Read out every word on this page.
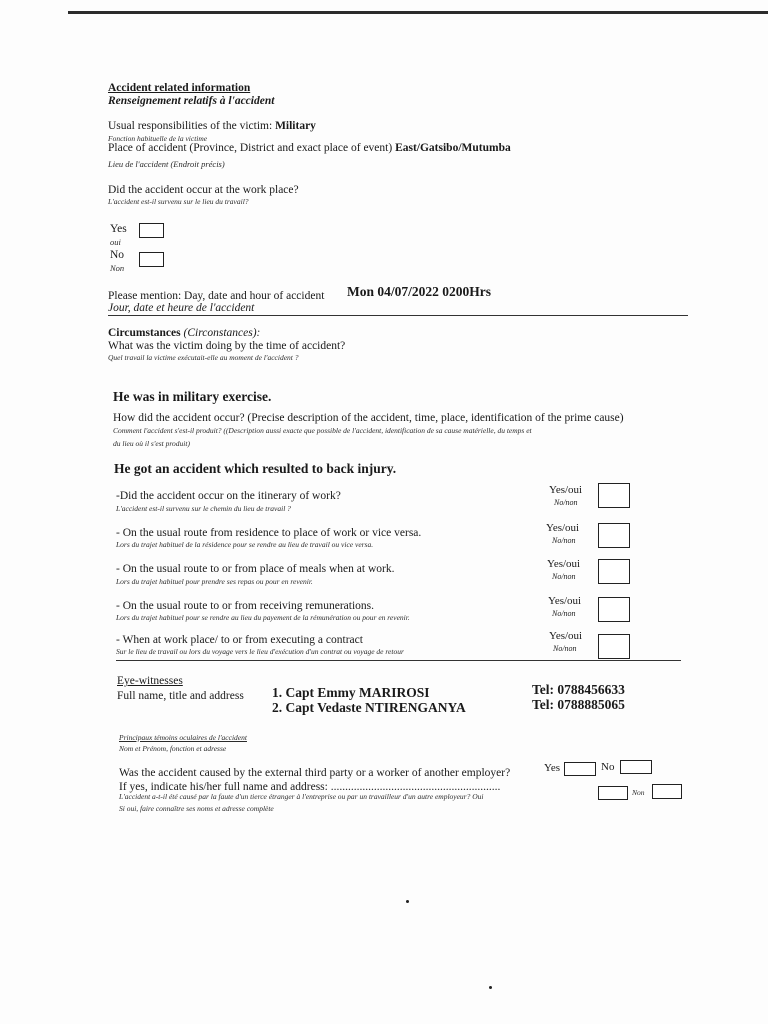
Accident related information
Renseignement relatifs à l'accident
Usual responsibilities of the victim: Military
Fonction habituelle de la victime
Place of accident (Province, District and exact place of event) East/Gatsibo/Mutumba
Lieu de l'accident (Endroit précis)
Did the accident occur at the work place?
L'accident est-il survenu sur le lieu du travail?
Yes
oui
No
Non
Please mention: Day, date and hour of accident Mon 04/07/2022 0200Hrs
Jour, date et heure de l'accident
Circumstances (Circonstances):
What was the victim doing by the time of accident?
Quel travail la victime exécutait-elle au moment de l'accident ?
He was in military exercise.
How did the accident occur? (Precise description of the accident, time, place, identification of the prime cause)
Comment l'accident s'est-il produit? ((Description aussi exacte que possible de l'accident, identification de sa cause matérielle, du temps et
du lieu où il s'est produit)
He got an accident which resulted to back injury.
-Did the accident occur on the itinerary of work?
L'accident est-il survenu sur le chemin du lieu de travail ?
Yes/oui
No/non
- On the usual route from residence to place of work or vice versa.
Lors du trajet habituel de la résidence pour se rendre au lieu de travail ou vice versa.
Yes/oui
No/non
- On the usual route to or from place of meals when at work.
Lors du trajet habituel pour prendre ses repas ou pour en revenir.
Yes/oui
No/non
- On the usual route to or from receiving remunerations.
Lors du trajet habituel pour se rendre au lieu du payement de la rémunération ou pour en revenir.
Yes/oui
No/non
- When at work place/ to or from executing a contract
Sur le lieu de travail ou lors du voyage vers le lieu d'exécution d'un contrat ou voyage de retour
Yes/oui
No/non
Eye-witnesses
Full name, title and address 1. Capt Emmy MARIROSI	Tel: 0788456633
2. Capt Vedaste NTIRENGANYA	Tel: 0788885065
Principaux témoins oculaires de l'accident
Nom et Prénom, fonction et adresse
Was the accident caused by the external third party or a worker of another employer?	Yes	No
If yes, indicate his/her full name and address: ...........................................................
L'accident a-t-il été causé par la faute d'un tierce étranger à l'entreprise ou par un travailleur d'un autre employeur? Oui	Non
Si oui, faire connaître ses noms et adresse complète
